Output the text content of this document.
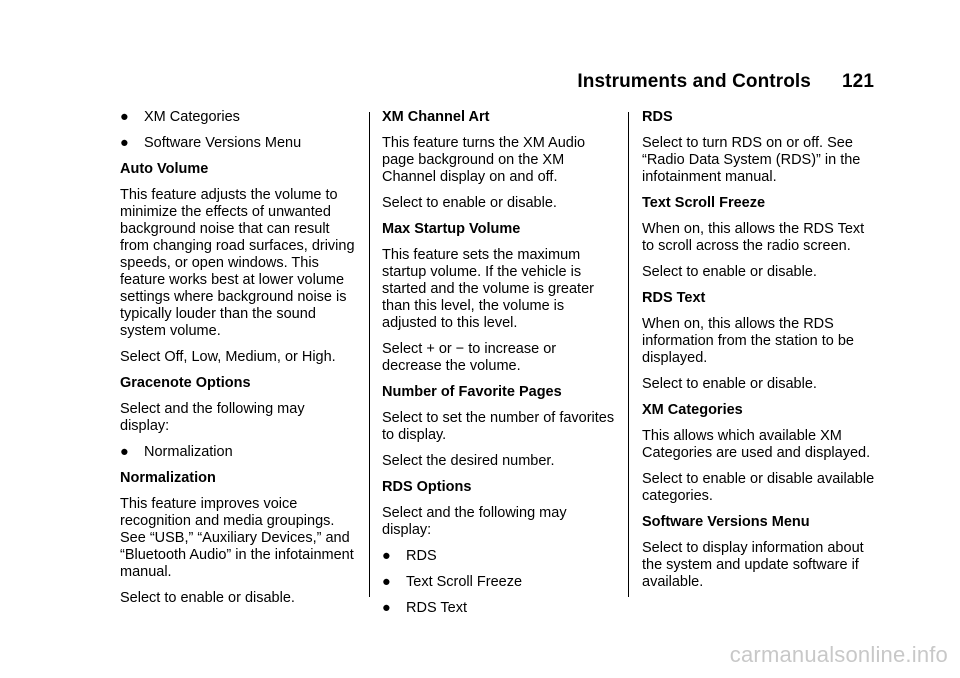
Instruments and Controls 121
●	XM Categories
●	Software Versions Menu
Auto Volume
This feature adjusts the volume to minimize the effects of unwanted background noise that can result from changing road surfaces, driving speeds, or open windows. This feature works best at lower volume settings where background noise is typically louder than the sound system volume.
Select Off, Low, Medium, or High.
Gracenote Options
Select and the following may display:
●	Normalization
Normalization
This feature improves voice recognition and media groupings. See “USB,” “Auxiliary Devices,” and “Bluetooth Audio” in the infotainment manual.
Select to enable or disable.
XM Channel Art
This feature turns the XM Audio page background on the XM Channel display on and off.
Select to enable or disable.
Max Startup Volume
This feature sets the maximum startup volume. If the vehicle is started and the volume is greater than this level, the volume is adjusted to this level.
Select + or − to increase or decrease the volume.
Number of Favorite Pages
Select to set the number of favorites to display.
Select the desired number.
RDS Options
Select and the following may display:
●	RDS
●	Text Scroll Freeze
●	RDS Text
RDS
Select to turn RDS on or off. See “Radio Data System (RDS)” in the infotainment manual.
Text Scroll Freeze
When on, this allows the RDS Text to scroll across the radio screen.
Select to enable or disable.
RDS Text
When on, this allows the RDS information from the station to be displayed.
Select to enable or disable.
XM Categories
This allows which available XM Categories are used and displayed.
Select to enable or disable available categories.
Software Versions Menu
Select to display information about the system and update software if available.
carmanualsonline.info
